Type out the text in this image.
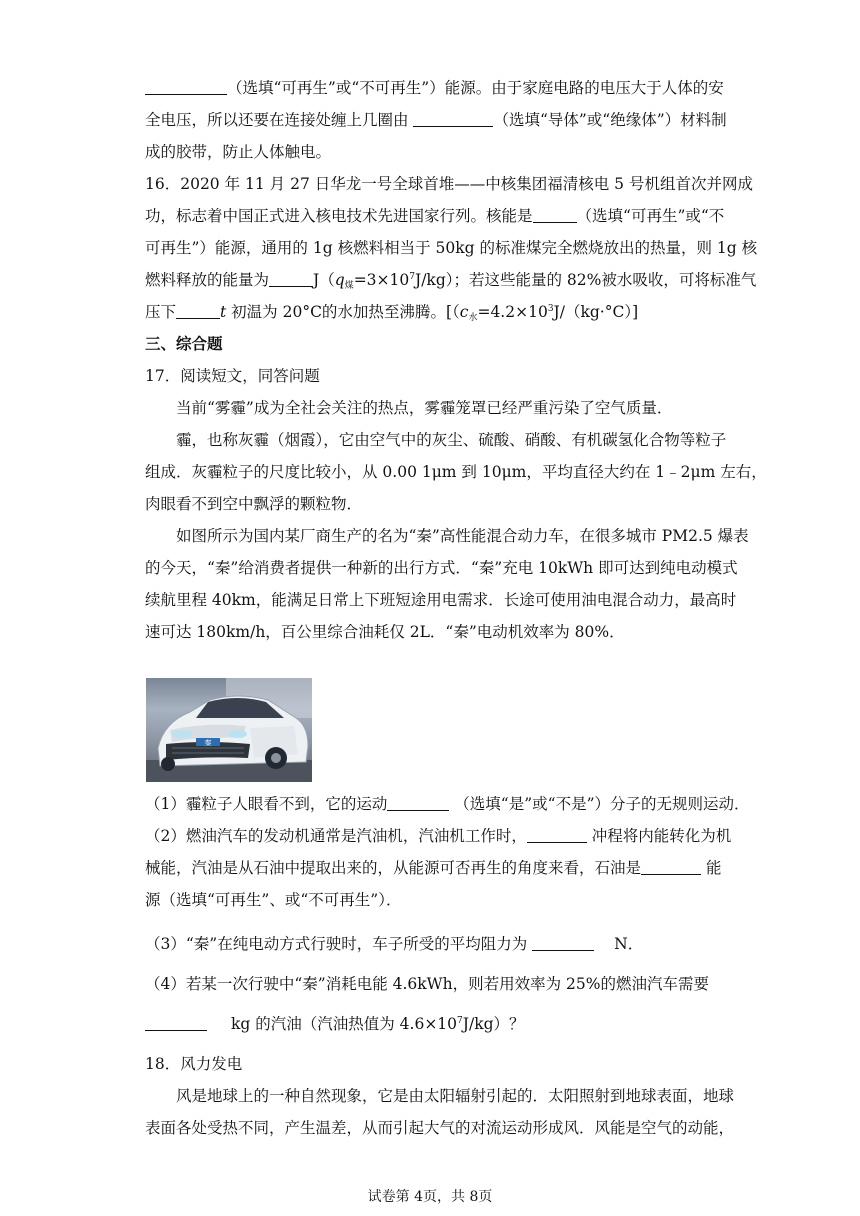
（选填“可再生”或“不可再生”）能源。由于家庭电路的电压大于人体的安
全电压，所以还要在连接处缠上几圈由	（选填“导体”或“绝缘体”）材料制
成的胶带，防止人体触电。
16．2020 年 11 月 27 日华龙一号全球首堆——中核集团福清核电 5 号机组首次并网成
功，标志着中国正式进入核电技术先进国家行列。核能是	（选填“可再生”或“不
可再生”）能源，通用的 1g 核燃料相当于 50kg 的标准煤完全燃烧放出的热量，则 1g 核
燃料释放的能量为	J（q煤$=3\times 10^7J/kg$）；若这些能量的 82%被水吸收，可将标准气
压下	t 初温为 20°C的水加热至沸腾。[（c水$=4.2\times 10^3J/(kg\cdot^\circ C)$]
三、综合题
17．阅读短文，同答问题
当前“雾霾”成为全社会关注的热点，雾霾笼罩已经严重污染了空气质量．
霾，也称灰霾（烟霞），它由空气中的灰尘、硫酸、硝酸、有机碳氢化合物等粒子
组成．灰霾粒子的尺度比较小，从 0.00 1μm 到 10μm，平均直径大约在 1﹣2μm 左右，
肉眼看不到空中飘浮的颗粒物．
如图所示为国内某厂商生产的名为“秦”高性能混合动力车，在很多城市 PM2.5 爆表
的今天，“秦”给消费者提供一种新的出行方式．“秦”充电 10kWh 即可达到纯电动模式
续航里程 40km，能满足日常上下班短途用电需求．长途可使用油电混合动力，最高时
速可达 180km/h，百公里综合油耗仅 2L．“秦”电动机效率为 80%．
秦
（1）霾粒子人眼看不到，它的运动	（选填“是”或“不是”）分子的无规则运动．
（2）燃油汽车的发动机通常是汽油机，汽油机工作时，	冲程将内能转化为机
械能，汽油是从石油中提取出来的，从能源可否再生的角度来看，石油是	能
源（选填“可再生”、或“不可再生”）．
（3）“秦”在纯电动方式行驶时，车子所受的平均阻力为	N．
（4）若某一次行驶中“秦”消耗电能 4.6kWh，则若用效率为 25%的燃油汽车需要
kg 的汽油（汽油热值为 $4.6\times 10^7J/kg$）？
18．风力发电
风是地球上的一种自然现象，它是由太阳辐射引起的．太阳照射到地球表面，地球
表面各处受热不同，产生温差，从而引起大气的对流运动形成风．风能是空气的动能，
试卷第 4页，共 8页
